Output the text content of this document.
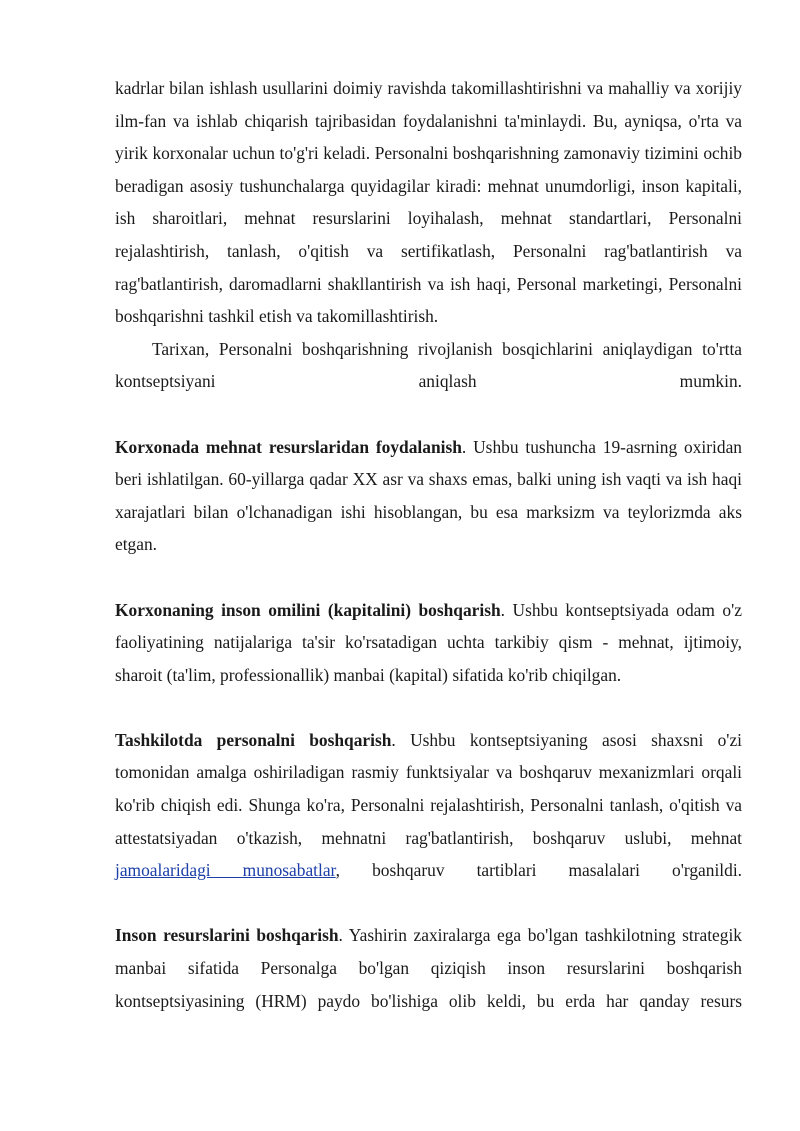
kadrlar bilan ishlash usullarini doimiy ravishda takomillashtirishni va mahalliy va xorijiy ilm-fan va ishlab chiqarish tajribasidan foydalanishni ta'minlaydi. Bu, ayniqsa, o'rta va yirik korxonalar uchun to'g'ri keladi. Personalni boshqarishning zamonaviy tizimini ochib beradigan asosiy tushunchalarga quyidagilar kiradi: mehnat unumdorligi, inson kapitali, ish sharoitlari, mehnat resurslarini loyihalash, mehnat standartlari, Personalni rejalashtirish, tanlash, o'qitish va sertifikatlash, Personalni rag'batlantirish va rag'batlantirish, daromadlarni shakllantirish va ish haqi, Personal marketingi, Personalni boshqarishni tashkil etish va takomillashtirish.

Tarixan, Personalni boshqarishning rivojlanish bosqichlarini aniqlaydigan to'rtta kontseptsiyani aniqlash mumkin.

Korxonada mehnat resurslaridan foydalanish. Ushbu tushuncha 19-asrning oxiridan beri ishlatilgan. 60-yillarga qadar XX asr va shaxs emas, balki uning ish vaqti va ish haqi xarajatlari bilan o'lchanadigan ishi hisoblangan, bu esa marksizm va teylorizmda aks etgan.

Korxonaning inson omilini (kapitalini) boshqarish. Ushbu kontseptsiyada odam o'z faoliyatining natijalariga ta'sir ko'rsatadigan uchta tarkibiy qism - mehnat, ijtimoiy, sharoit (ta'lim, professionallik) manbai (kapital) sifatida ko'rib chiqilgan.

Tashkilotda personalni boshqarish. Ushbu kontseptsiyaning asosi shaxsni o'zi tomonidan amalga oshiriladigan rasmiy funktsiyalar va boshqaruv mexanizmlari orqali ko'rib chiqish edi. Shunga ko'ra, Personalni rejalashtirish, Personalni tanlash, o'qitish va attestatsiyadan o'tkazish, mehnatni rag'batlantirish, boshqaruv uslubi, mehnat jamoalaridagi munosabatlar, boshqaruv tartiblari masalalari o'rganildi.

Inson resurslarini boshqarish. Yashirin zaxiralarga ega bo'lgan tashkilotning strategik manbai sifatida Personalga bo'lgan qiziqish inson resurslarini boshqarish kontseptsiyasining (HRM) paydo bo'lishiga olib keldi, bu erda har qanday resurs
